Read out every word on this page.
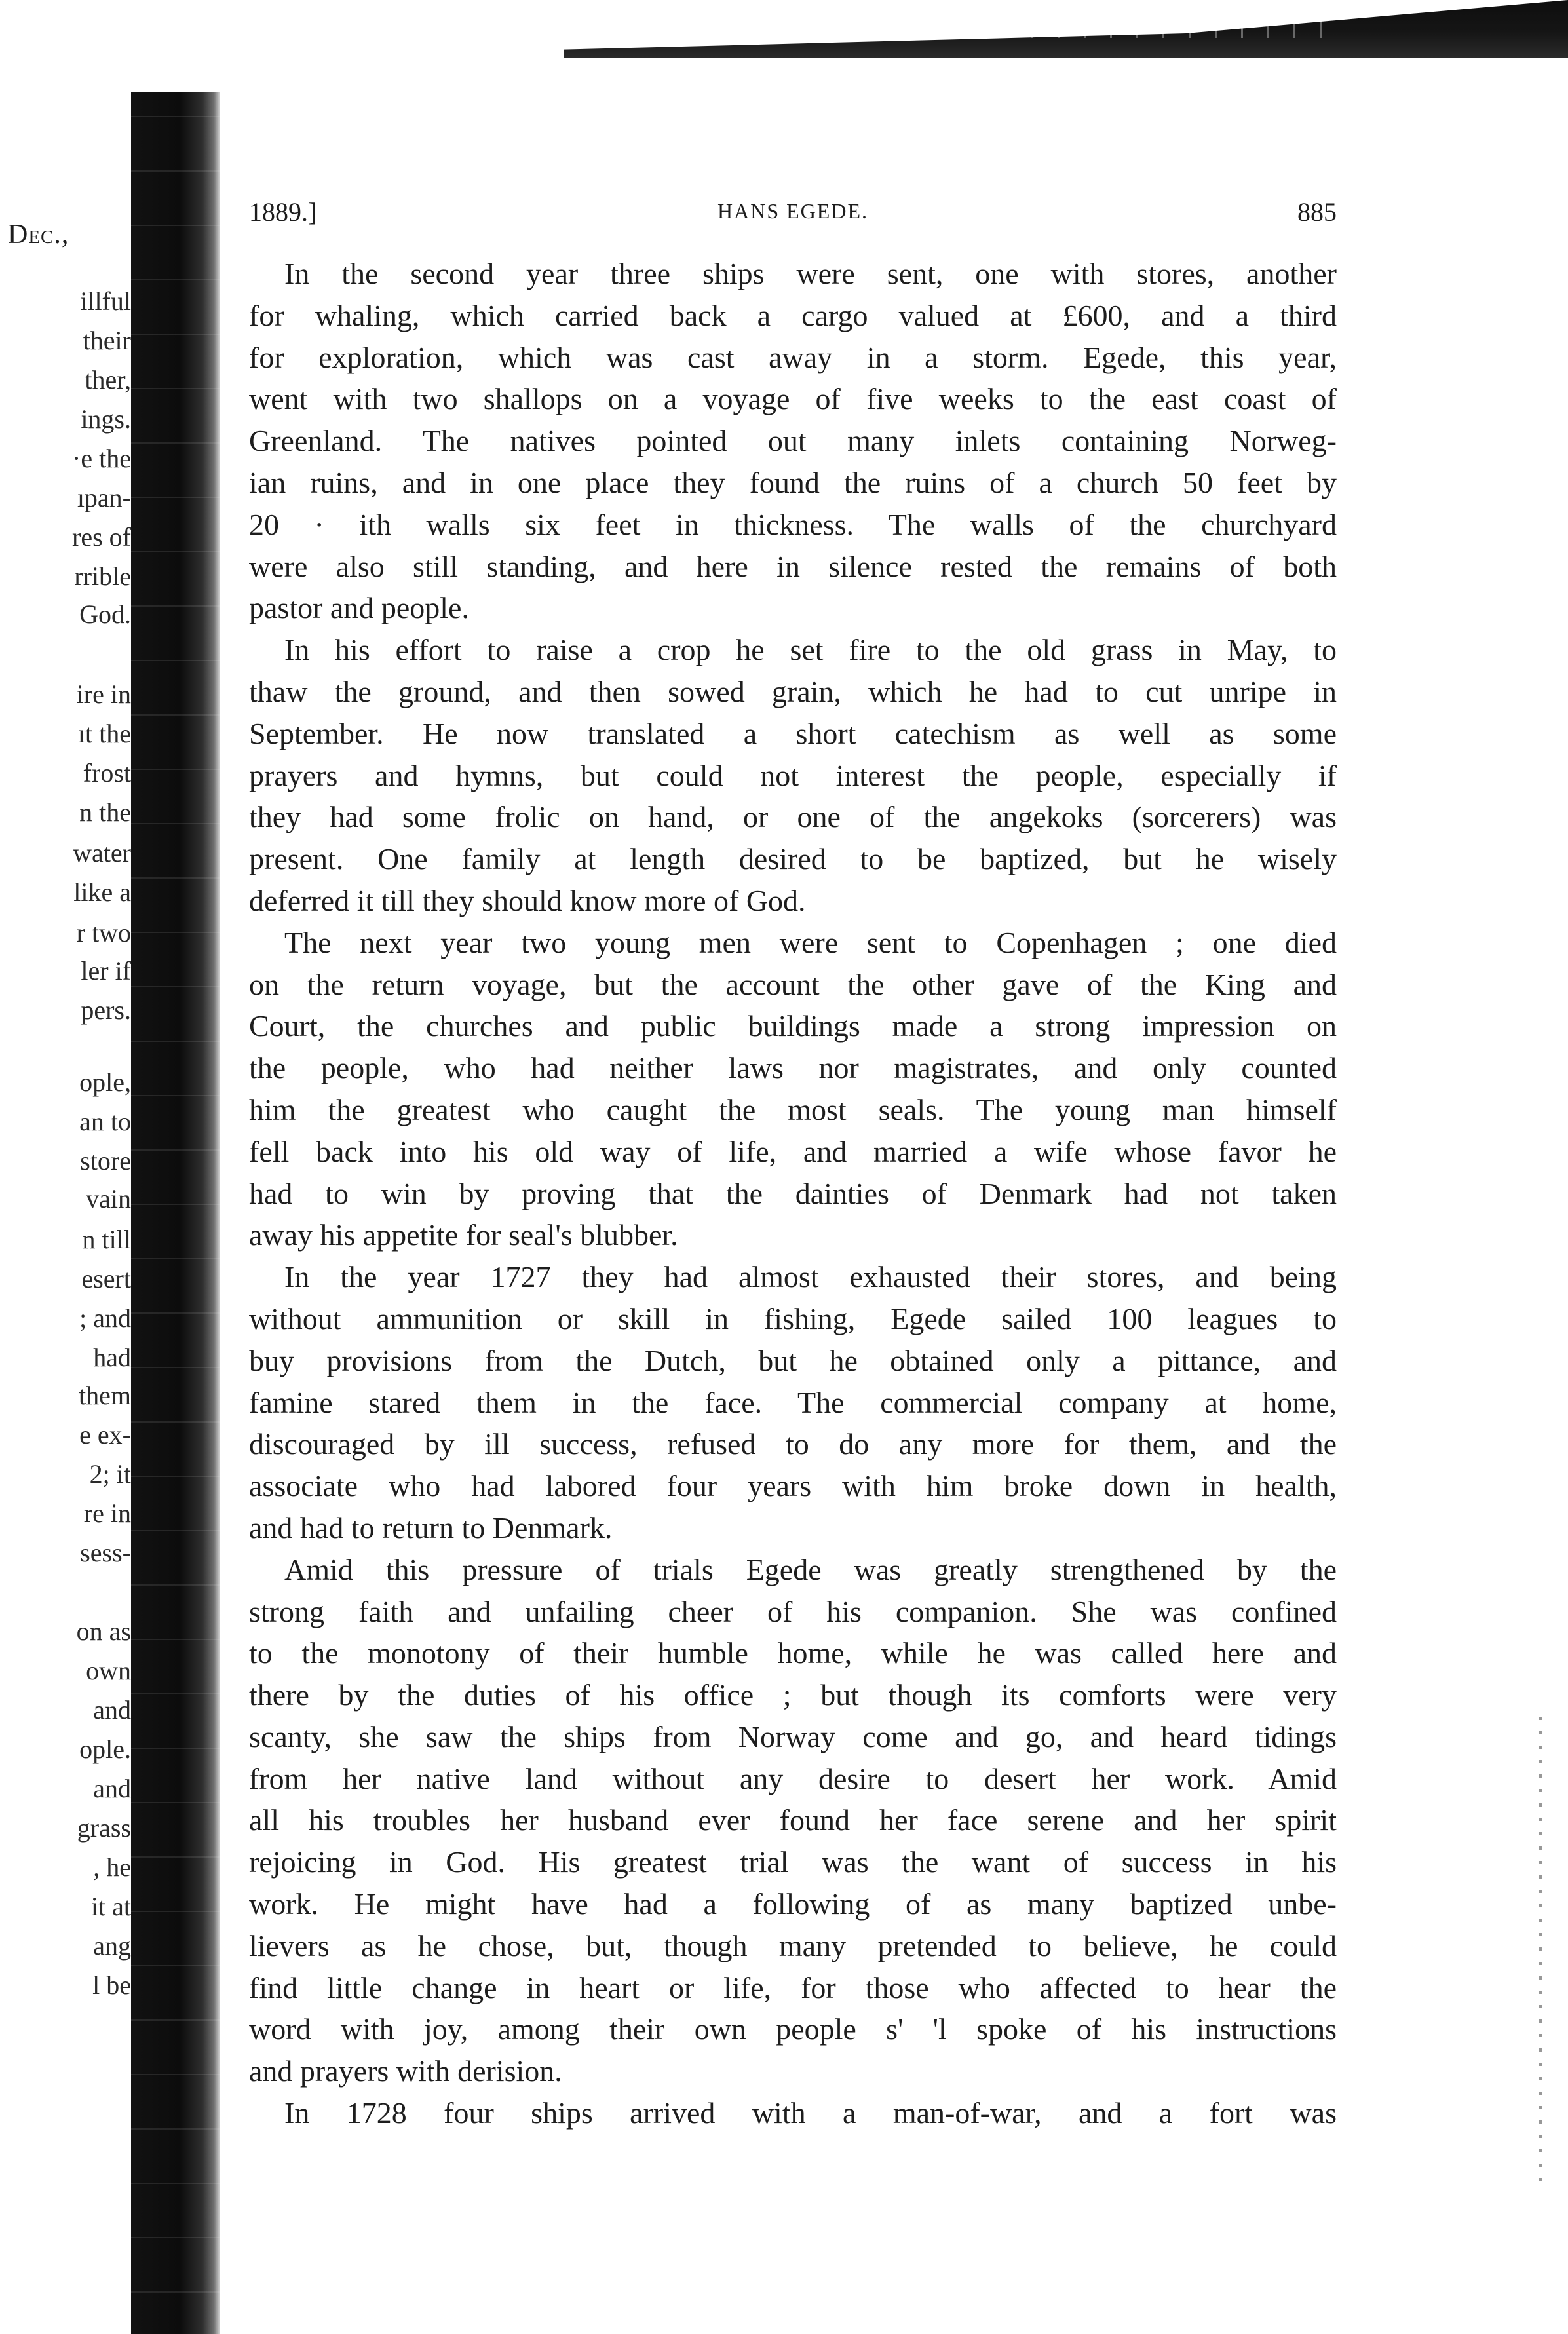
Dec.,
illful
their
ther,
ings.
·e the
ıpan-
res of
rrible
God.
ire in
ıt the
frost
n the
water
like a
r two
ler if
pers.
ople,
an to
store
vain
n till
esert
; and
had
them
e ex-
2; it
re in
sess-
on as
own
and
ople.
and
grass
, he
it at
ang
l be
1889.]	HANS EGEDE.	885
In the second year three ships were sent, one with stores, another
for whaling, which carried back a cargo valued at £600, and a third
for exploration, which was cast away in a storm. Egede, this year,
went with two shallops on a voyage of five weeks to the east coast of
Greenland. The natives pointed out many inlets containing Norweg-
ian ruins, and in one place they found the ruins of a church 50 feet by
20 · ith walls six feet in thickness. The walls of the churchyard
were also still standing, and here in silence rested the remains of both
pastor and people.
In his effort to raise a crop he set fire to the old grass in May, to
thaw the ground, and then sowed grain, which he had to cut unripe in
September. He now translated a short catechism as well as some
prayers and hymns, but could not interest the people, especially if
they had some frolic on hand, or one of the angekoks (sorcerers) was
present. One family at length desired to be baptized, but he wisely
deferred it till they should know more of God.
The next year two young men were sent to Copenhagen ; one died
on the return voyage, but the account the other gave of the King and
Court, the churches and public buildings made a strong impression on
the people, who had neither laws nor magistrates, and only counted
him the greatest who caught the most seals. The young man himself
fell back into his old way of life, and married a wife whose favor he
had to win by proving that the dainties of Denmark had not taken
away his appetite for seal's blubber.
In the year 1727 they had almost exhausted their stores, and being
without ammunition or skill in fishing, Egede sailed 100 leagues to
buy provisions from the Dutch, but he obtained only a pittance, and
famine stared them in the face. The commercial company at home,
discouraged by ill success, refused to do any more for them, and the
associate who had labored four years with him broke down in health,
and had to return to Denmark.
Amid this pressure of trials Egede was greatly strengthened by the
strong faith and unfailing cheer of his companion. She was confined
to the monotony of their humble home, while he was called here and
there by the duties of his office ; but though its comforts were very
scanty, she saw the ships from Norway come and go, and heard tidings
from her native land without any desire to desert her work. Amid
all his troubles her husband ever found her face serene and her spirit
rejoicing in God. His greatest trial was the want of success in his
work. He might have had a following of as many baptized unbe-
lievers as he chose, but, though many pretended to believe, he could
find little change in heart or life, for those who affected to hear the
word with joy, among their own people s' 'l spoke of his instructions
and prayers with derision.
In 1728 four ships arrived with a man-of-war, and a fort was
